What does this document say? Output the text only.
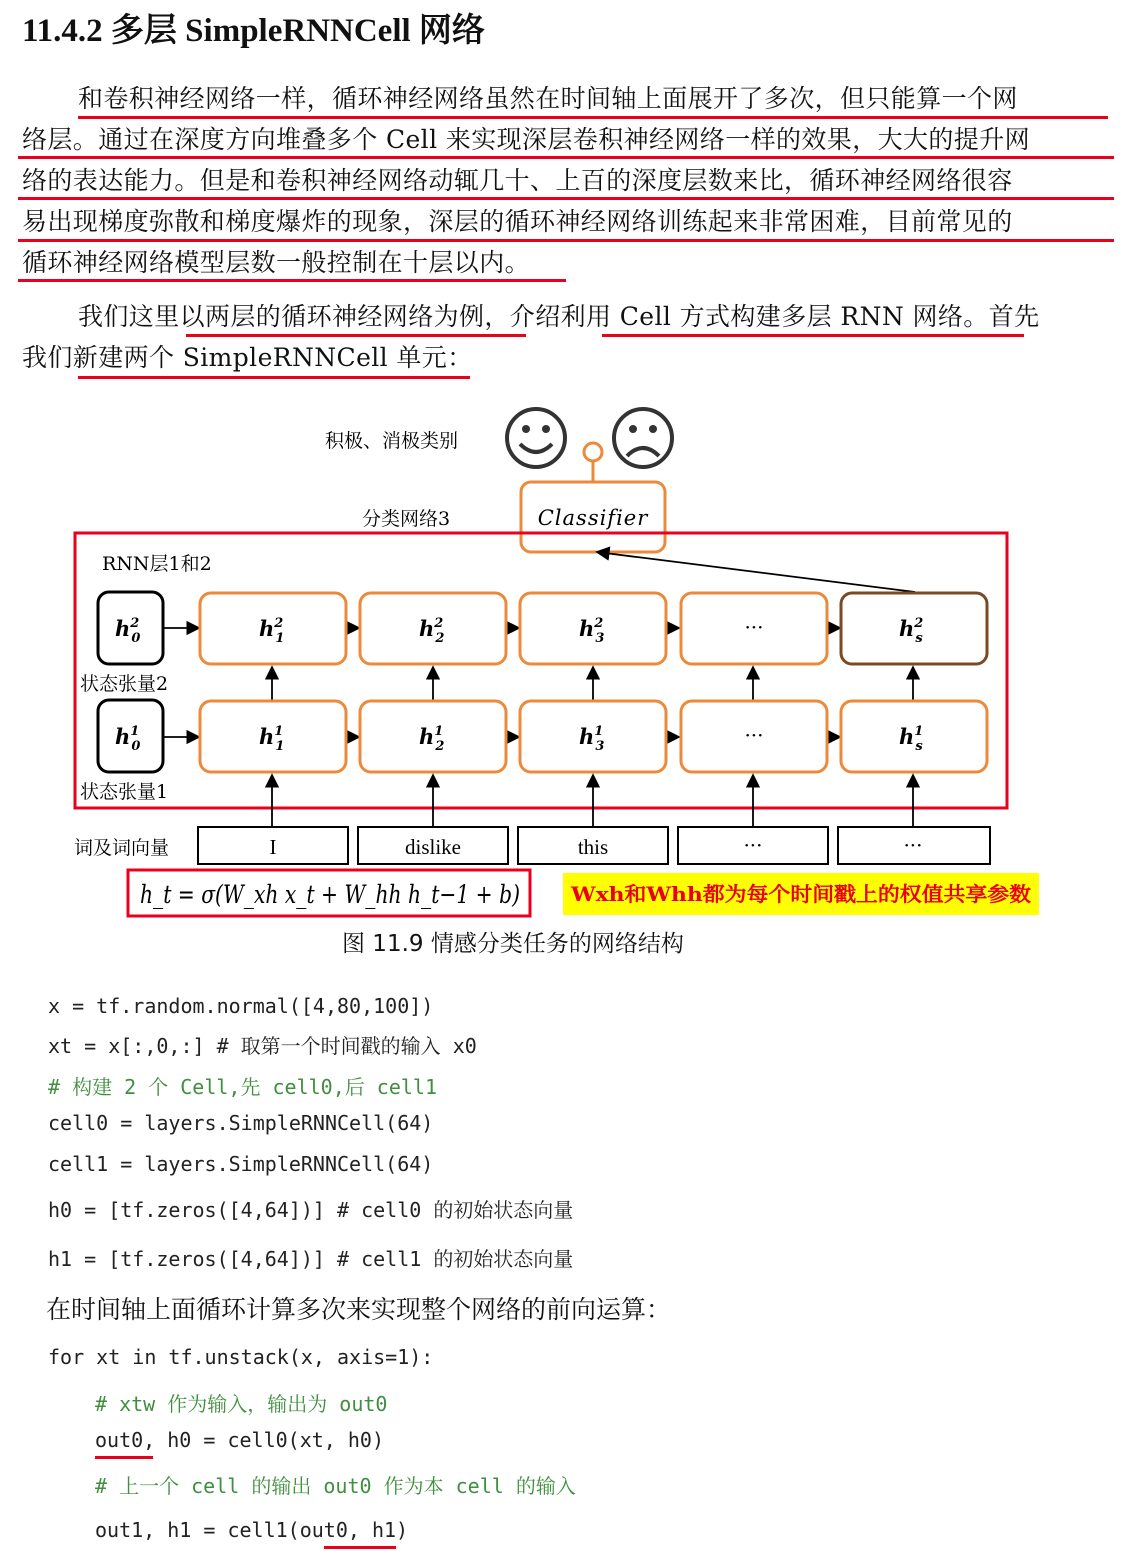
11.4.2 多层 SimpleRNNCell 网络
和卷积神经网络一样，循环神经网络虽然在时间轴上面展开了多次，但只能算一个网
络层。通过在深度方向堆叠多个 Cell 来实现深层卷积神经网络一样的效果，大大的提升网
络的表达能力。但是和卷积神经网络动辄几十、上百的深度层数来比，循环神经网络很容
易出现梯度弥散和梯度爆炸的现象，深层的循环神经网络训练起来非常困难，目前常见的
循环神经网络模型层数一般控制在十层以内。
我们这里以两层的循环神经网络为例，介绍利用 Cell 方式构建多层 RNN 网络。首先
我们新建两个 SimpleRNNCell 单元：
积极、消极类别
分类网络3	Classifier
RNN层1和2
$h^2$ 0
$h^1$ 0
状态张量2
状态张量1
$h^2$ 1	$h^2$ 2	$h^2$ 3	···	$h^2$ s
$h^1$ 1	$h^1$ 2	$h^1$ 3	···	$h^1$ s
词及词向量	I	dislike	this	···	···
h_t = σ(W_xh x_t + W_hh h_t−1 + b) Wxh和Whh都为每个时间戳上的权值共享参数
图 11.9 情感分类任务的网络结构
x = tf.random.normal([4,80,100])
xt = x[:,0,:] # 取第一个时间戳的输入 x0
# 构建 2 个 Cell,先 cell0,后 cell1
cell0 = layers.SimpleRNNCell(64)
cell1 = layers.SimpleRNNCell(64)
h0 = [tf.zeros([4,64])] # cell0 的初始状态向量
h1 = [tf.zeros([4,64])] # cell1 的初始状态向量
在时间轴上面循环计算多次来实现整个网络的前向运算：
for xt in tf.unstack(x, axis=1):
# xtw 作为输入，输出为 out0
out0, h0 = cell0(xt, h0)
# 上一个 cell 的输出 out0 作为本 cell 的输入
out1, h1 = cell1(out0, h1)
